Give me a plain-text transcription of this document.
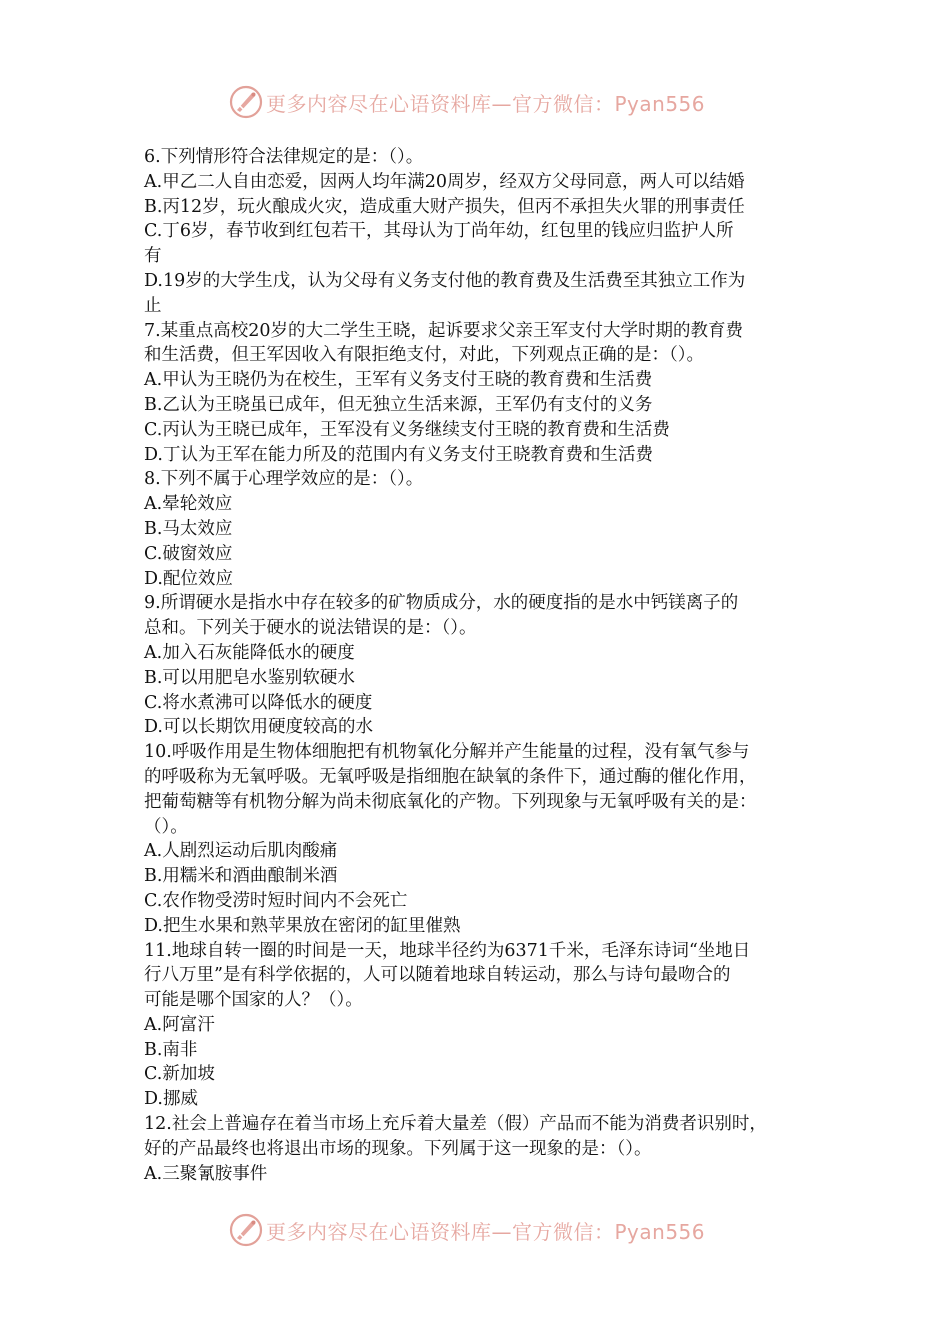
更多内容尽在心语资料库—官方微信：Pyan556
6.下列情形符合法律规定的是：（）。
A.甲乙二人自由恋爱，因两人均年满20周岁，经双方父母同意，两人可以结婚
B.丙12岁，玩火酿成火灾，造成重大财产损失，但丙不承担失火罪的刑事责任
C.丁6岁，春节收到红包若干，其母认为丁尚年幼，红包里的钱应归监护人所
有
D.19岁的大学生戊，认为父母有义务支付他的教育费及生活费至其独立工作为
止
7.某重点高校20岁的大二学生王晓，起诉要求父亲王军支付大学时期的教育费
和生活费，但王军因收入有限拒绝支付，对此，下列观点正确的是：（）。
A.甲认为王晓仍为在校生，王军有义务支付王晓的教育费和生活费
B.乙认为王晓虽已成年，但无独立生活来源，王军仍有支付的义务
C.丙认为王晓已成年，王军没有义务继续支付王晓的教育费和生活费
D.丁认为王军在能力所及的范围内有义务支付王晓教育费和生活费
8.下列不属于心理学效应的是：（）。
A.晕轮效应
B.马太效应
C.破窗效应
D.配位效应
9.所谓硬水是指水中存在较多的矿物质成分，水的硬度指的是水中钙镁离子的
总和。下列关于硬水的说法错误的是：（）。
A.加入石灰能降低水的硬度
B.可以用肥皂水鉴别软硬水
C.将水煮沸可以降低水的硬度
D.可以长期饮用硬度较高的水
10.呼吸作用是生物体细胞把有机物氧化分解并产生能量的过程，没有氧气参与
的呼吸称为无氧呼吸。无氧呼吸是指细胞在缺氧的条件下，通过酶的催化作用，
把葡萄糖等有机物分解为尚未彻底氧化的产物。下列现象与无氧呼吸有关的是：
（）。
A.人剧烈运动后肌肉酸痛
B.用糯米和酒曲酿制米酒
C.农作物受涝时短时间内不会死亡
D.把生水果和熟苹果放在密闭的缸里催熟
11.地球自转一圈的时间是一天，地球半径约为6371千米，毛泽东诗词“坐地日
行八万里”是有科学依据的，人可以随着地球自转运动，那么与诗句最吻合的
可能是哪个国家的人？（）。
A.阿富汗
B.南非
C.新加坡
D.挪威
12.社会上普遍存在着当市场上充斥着大量差（假）产品而不能为消费者识别时，
好的产品最终也将退出市场的现象。下列属于这一现象的是：（）。
A.三聚氰胺事件
更多内容尽在心语资料库—官方微信：Pyan556
